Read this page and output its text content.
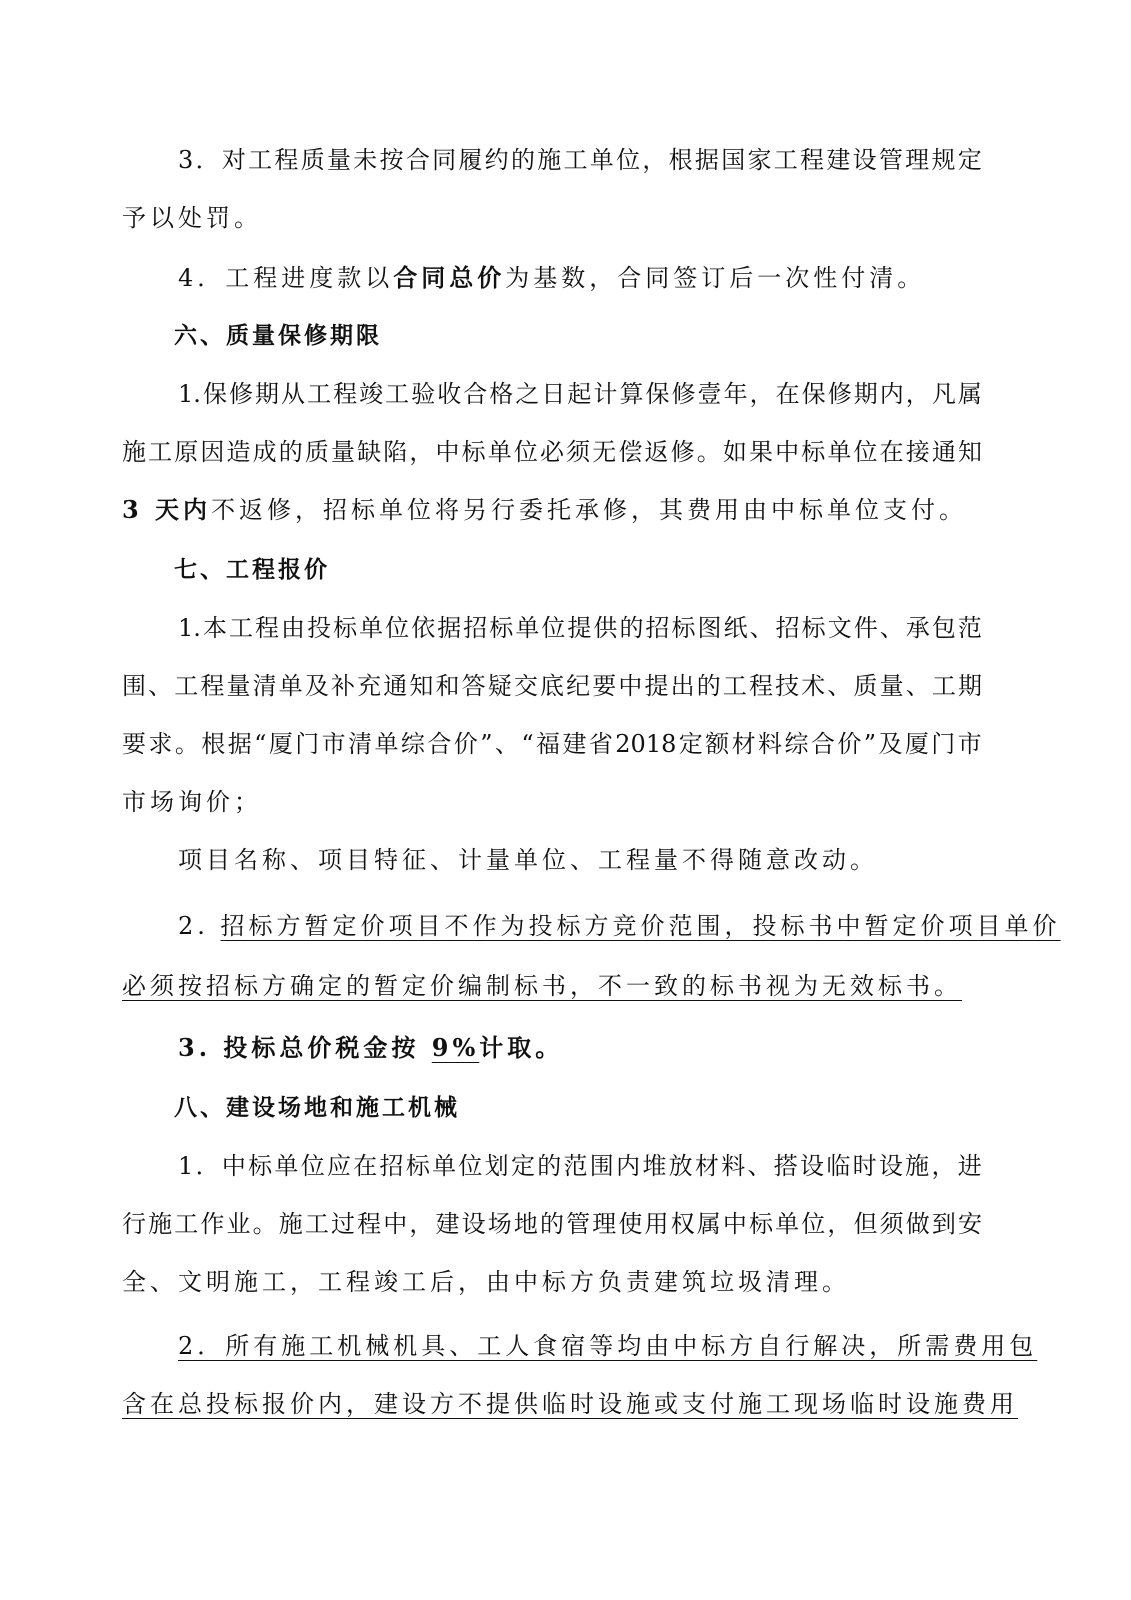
3 ． 对 工 程 质 量 未 按 合 同 履 约 的 施 工 单 位 ， 根 据 国 家 工 程 建 设 管 理 规 定
予以处罚。
4．工程进度款以合同总价为基数，合同签订后一次性付清。
六、质量保修期限
1. 保 修 期 从 工 程 竣 工 验 收 合 格 之 日 起 计 算 保 修 壹 年 ， 在 保 修 期 内 ， 凡 属
施 工 原 因 造 成 的 质 量 缺 陷 ， 中 标 单 位 必 须 无 偿 返 修 。 如 果 中 标 单 位 在 接 通 知
3 天内不返修，招标单位将另行委托承修，其费用由中标单位支付。
七、工程报价
1. 本 工 程 由 投 标 单 位 依 据 招 标 单 位 提 供 的 招 标 图 纸 、 招 标 文 件 、 承 包 范
围 、 工 程 量 清 单 及 补 充 通 知 和 答 疑 交 底 纪 要 中 提 出 的 工 程 技 术 、 质 量 、 工 期
要 求 。 根 据 “ 厦 门 市 清 单 综 合 价 ” 、 “ 福 建 省 2018 定 额 材 料 综 合 价 ” 及 厦 门 市
市场询价；
项目名称、项目特征、计量单位、工程量不得随意改动。
2. 招标方暂定价项目不作为投标方竞价范围，投标书中暂定价项目单价
必须按招标方确定的暂定价编制标书，不一致的标书视为无效标书。
3. 投标总价税金按 9%计取。
八、建设场地和施工机械
1 ． 中 标 单 位 应 在 招 标 单 位 划 定 的 范 围 内 堆 放 材 料 、 搭 设 临 时 设 施 ， 进
行 施 工 作 业 。 施 工 过 程 中 ， 建 设 场 地 的 管 理 使 用 权 属 中 标 单 位 ， 但 须 做 到 安
全、文明施工，工程竣工后，由中标方负责建筑垃圾清理。
2．所有施工机械机具、工人食宿等均由中标方自行解决，所需费用包
含在总投标报价内，建设方不提供临时设施或支付施工现场临时设施费用
